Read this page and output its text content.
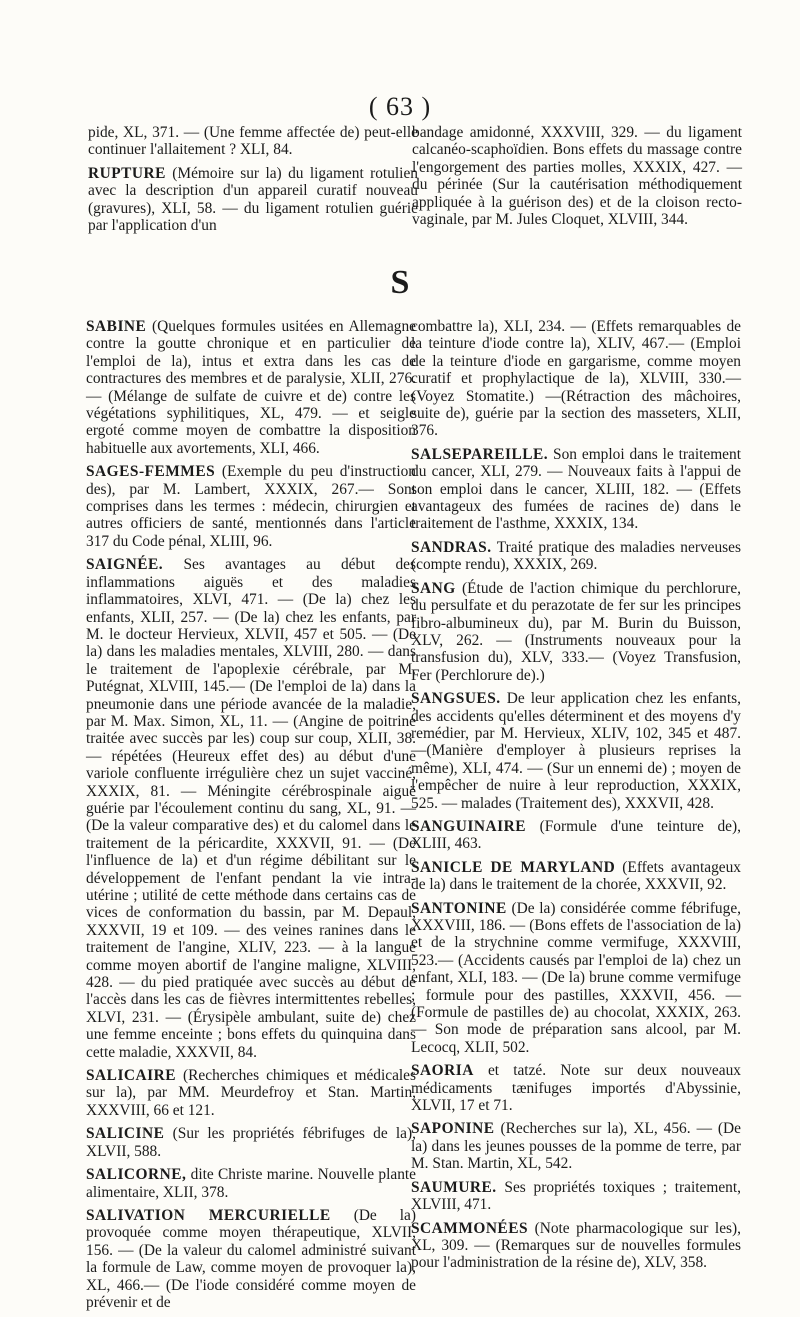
( 63 )

pide, XL, 371. — (Une femme affectée de) peut-elle continuer l'allaitement ? XLI, 84.

RUPTURE (Mémoire sur la) du ligament rotulien avec la description d'un appareil curatif nouveau (gravures), XLI, 58. — du ligament rotulien guérie par l'application d'un

bandage amidonné, XXXVIII, 329. — du ligament calcanéo-scaphoïdien. Bons effets du massage contre l'engorgement des parties molles, XXXIX, 427. — du périnée (Sur la cautérisation méthodiquement appliquée à la guérison des) et de la cloison recto-vaginale, par M. Jules Cloquet, XLVIII, 344.

S

SABINE (Quelques formules usitées en Allemagne contre la goutte chronique et en particulier de l'emploi de la), intus et extra dans les cas de contractures des membres et de paralysie, XLII, 276.— (Mélange de sulfate de cuivre et de) contre les végétations syphilitiques, XL, 479. — et seigle ergoté comme moyen de combattre la disposition habituelle aux avortements, XLI, 466.

SAGES-FEMMES (Exemple du peu d'instruction des), par M. Lambert, XXXIX, 267.— Sont comprises dans les termes : médecin, chirurgien et autres officiers de santé, mentionnés dans l'article 317 du Code pénal, XLIII, 96.

SAIGNÉE. Ses avantages au début des inflammations aiguës et des maladies inflammatoires, XLVI, 471. — (De la) chez les enfants, XLII, 257. — (De la) chez les enfants, par M. le docteur Hervieux, XLVII, 457 et 505. — (De la) dans les maladies mentales, XLVIII, 280. — dans le traitement de l'apoplexie cérébrale, par M. Putégnat, XLVIII, 145.— (De l'emploi de la) dans la pneumonie dans une période avancée de la maladie, par M. Max. Simon, XL, 11. — (Angine de poitrine traitée avec succès par les) coup sur coup, XLII, 38. — répétées (Heureux effet des) au début d'une variole confluente irrégulière chez un sujet vacciné, XXXIX, 81. — Méningite cérébrospinale aiguë guérie par l'écoulement continu du sang, XL, 91. — (De la valeur comparative des) et du calomel dans le traitement de la péricardite, XXXVII, 91. — (De l'influence de la) et d'un régime débilitant sur le développement de l'enfant pendant la vie intra-utérine ; utilité de cette méthode dans certains cas de vices de conformation du bassin, par M. Depaul, XXXVII, 19 et 109. — des veines ranines dans le traitement de l'angine, XLIV, 223. — à la langue comme moyen abortif de l'angine maligne, XLVIII, 428. — du pied pratiquée avec succès au début de l'accès dans les cas de fièvres intermittentes rebelles, XLVI, 231. — (Érysipèle ambulant, suite de) chez une femme enceinte ; bons effets du quinquina dans cette maladie, XXXVII, 84.

SALICAIRE (Recherches chimiques et médicales sur la), par MM. Meurdefroy et Stan. Martin, XXXVIII, 66 et 121.

SALICINE (Sur les propriétés fébrifuges de la), XLVII, 588.

SALICORNE, dite Christe marine. Nouvelle plante alimentaire, XLII, 378.

SALIVATION MERCURIELLE (De la) provoquée comme moyen thérapeutique, XLVII, 156. — (De la valeur du calomel administré suivant la formule de Law, comme moyen de provoquer la), XL, 466.— (De l'iode considéré comme moyen de prévenir et de

combattre la), XLI, 234. — (Effets remarquables de la teinture d'iode contre la), XLIV, 467.— (Emploi de la teinture d'iode en gargarisme, comme moyen curatif et prophylactique de la), XLVIII, 330.—(Voyez Stomatite.) —(Rétraction des mâchoires, suite de), guérie par la section des masseters, XLII, 376.

SALSEPAREILLE. Son emploi dans le traitement du cancer, XLI, 279. — Nouveaux faits à l'appui de son emploi dans le cancer, XLIII, 182. — (Effets avantageux des fumées de racines de) dans le traitement de l'asthme, XXXIX, 134.

SANDRAS. Traité pratique des maladies nerveuses (compte rendu), XXXIX, 269.

SANG (Étude de l'action chimique du perchlorure, du persulfate et du perazotate de fer sur les principes fibro-albumineux du), par M. Burin du Buisson, XLV, 262. — (Instruments nouveaux pour la transfusion du), XLV, 333.— (Voyez Transfusion, Fer (Perchlorure de).)

SANGSUES. De leur application chez les enfants, des accidents qu'elles déterminent et des moyens d'y remédier, par M. Hervieux, XLIV, 102, 345 et 487. —(Manière d'employer à plusieurs reprises la même), XLI, 474. — (Sur un ennemi de) ; moyen de l'empêcher de nuire à leur reproduction, XXXIX, 525. — malades (Traitement des), XXXVII, 428.

SANGUINAIRE (Formule d'une teinture de), XLIII, 463.

SANICLE DE MARYLAND (Effets avantageux de la) dans le traitement de la chorée, XXXVII, 92.

SANTONINE (De la) considérée comme fébrifuge, XXXVIII, 186. — (Bons effets de l'association de la) et de la strychnine comme vermifuge, XXXVIII, 523.— (Accidents causés par l'emploi de la) chez un enfant, XLI, 183. — (De la) brune comme vermifuge ; formule pour des pastilles, XXXVII, 456. — (Formule de pastilles de) au chocolat, XXXIX, 263. — Son mode de préparation sans alcool, par M. Lecocq, XLII, 502.

SAORIA et tatzé. Note sur deux nouveaux médicaments tænifuges importés d'Abyssinie, XLVII, 17 et 71.

SAPONINE (Recherches sur la), XL, 456. — (De la) dans les jeunes pousses de la pomme de terre, par M. Stan. Martin, XL, 542.

SAUMURE. Ses propriétés toxiques ; traitement, XLVIII, 471.

SCAMMONÉES (Note pharmacologique sur les), XL, 309. — (Remarques sur de nouvelles formules pour l'administration de la résine de), XLV, 358.
